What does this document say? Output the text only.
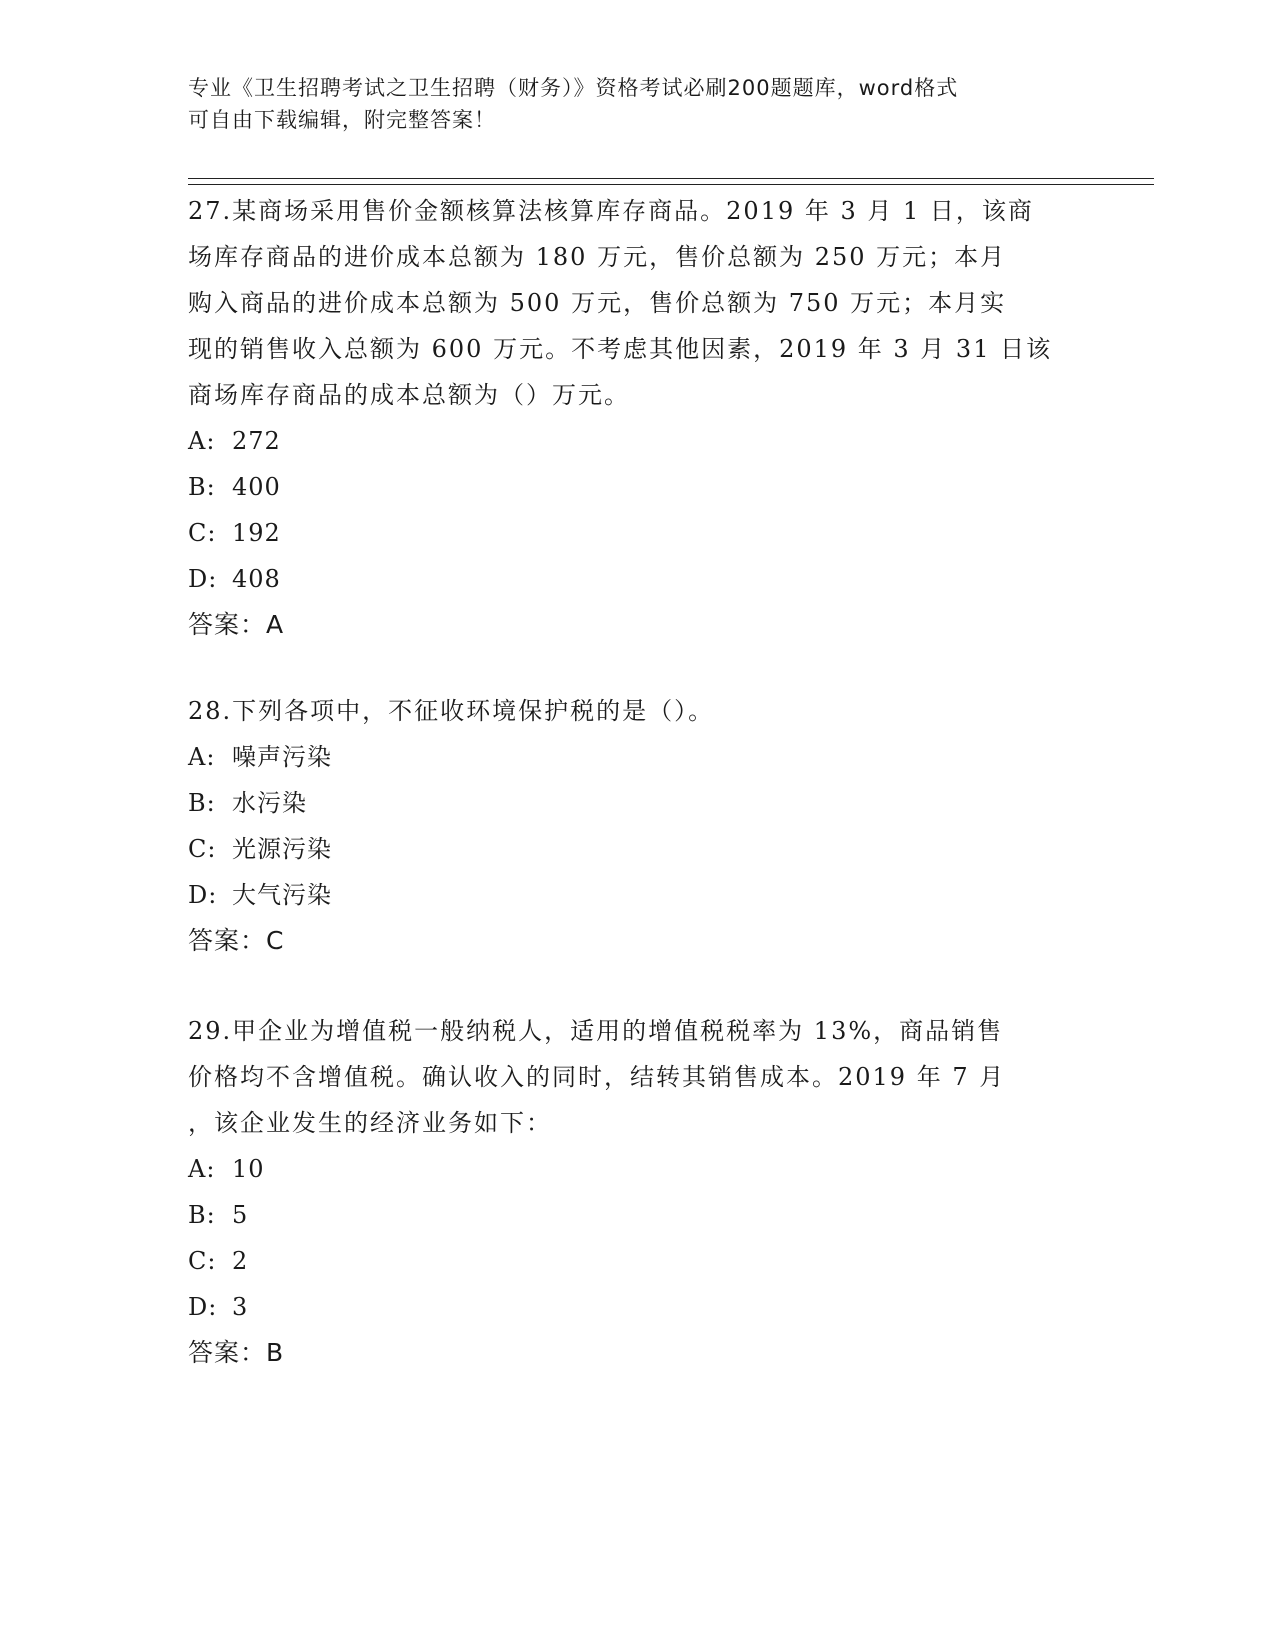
专业《卫生招聘考试之卫生招聘（财务）》资格考试必刷200题题库，word格式
可自由下载编辑，附完整答案！

27.某商场采用售价金额核算法核算库存商品。2019 年 3 月 1 日，该商

场库存商品的进价成本总额为 180 万元，售价总额为 250 万元；本月

购入商品的进价成本总额为 500 万元，售价总额为 750 万元；本月实

现的销售收入总额为 600 万元。不考虑其他因素，2019 年 3 月 31 日该

商场库存商品的成本总额为（）万元。

A: 272

B: 400

C: 192

D: 408

答案：A

28.下列各项中，不征收环境保护税的是（）。

A: 噪声污染

B: 水污染

C: 光源污染

D: 大气污染

答案：C

29.甲企业为增值税一般纳税人，适用的增值税税率为 13%，商品销售

价格均不含增值税。确认收入的同时，结转其销售成本。2019 年 7 月

，该企业发生的经济业务如下：

A: 10

B: 5

C: 2

D: 3

答案：B
